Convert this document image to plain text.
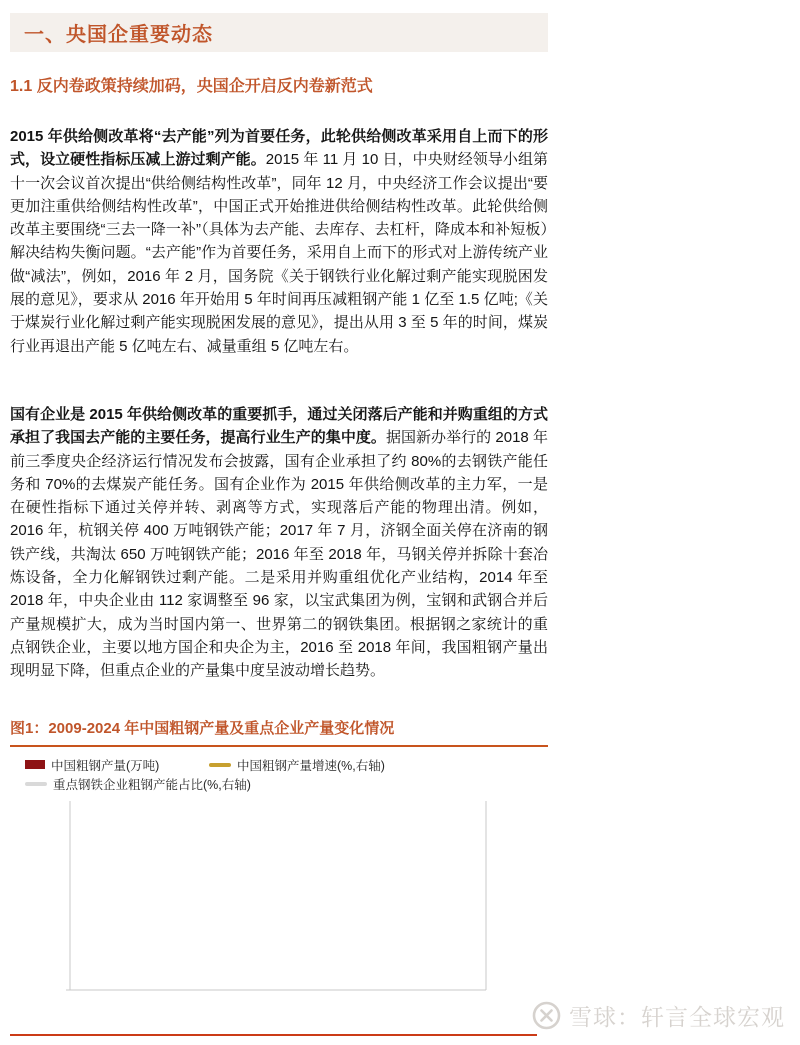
一、央国企重要动态
1.1 反内卷政策持续加码，央国企开启反内卷新范式

2015 年供给侧改革将“去产能”列为首要任务，此轮供给侧改革采用自上而下的形式，设立硬性指标压减上游过剩产能。2015 年 11 月 10 日，中央财经领导小组第十一次会议首次提出“供给侧结构性改革”，同年 12 月，中央经济工作会议提出“要更加注重供给侧结构性改革”，中国正式开始推进供给侧结构性改革。此轮供给侧改革主要围绕“三去一降一补”（具体为去产能、去库存、去杠杆，降成本和补短板）解决结构失衡问题。“去产能”作为首要任务，采用自上而下的形式对上游传统产业做“减法”，例如，2016 年 2 月，国务院《关于钢铁行业化解过剩产能实现脱困发展的意见》，要求从 2016 年开始用 5 年时间再压减粗钢产能 1 亿至 1.5 亿吨;《关于煤炭行业化解过剩产能实现脱困发展的意见》，提出从用 3 至 5 年的时间，煤炭行业再退出产能 5 亿吨左右、减量重组 5 亿吨左右。

国有企业是 2015 年供给侧改革的重要抓手，通过关闭落后产能和并购重组的方式承担了我国去产能的主要任务，提高行业生产的集中度。据国新办举行的 2018 年前三季度央企经济运行情况发布会披露，国有企业承担了约 80%的去钢铁产能任务和 70%的去煤炭产能任务。国有企业作为 2015 年供给侧改革的主力军，一是在硬性指标下通过关停并转、剥离等方式，实现落后产能的物理出清。例如，2016 年，杭钢关停 400 万吨钢铁产能；2017 年 7 月，济钢全面关停在济南的钢铁产线，共淘汰 650 万吨钢铁产能；2016 年至 2018 年，马钢关停并拆除十套冶炼设备，全力化解钢铁过剩产能。二是采用并购重组优化产业结构，2014 年至 2018 年，中央企业由 112 家调整至 96 家，以宝武集团为例，宝钢和武钢合并后产量规模扩大，成为当时国内第一、世界第二的钢铁集团。根据钢之家统计的重点钢铁企业，主要以地方国企和央企为主，2016 至 2018 年间，我国粗钢产量出现明显下降，但重点企业的产量集中度呈波动增长趋势。

图1：2009-2024 年中国粗钢产量及重点企业产量变化情况
中国粗钢产量(万吨)	中国粗钢产量增速(%,右轴)
重点钢铁企业粗钢产能占比(%,右轴)
雪球：轩言全球宏观
